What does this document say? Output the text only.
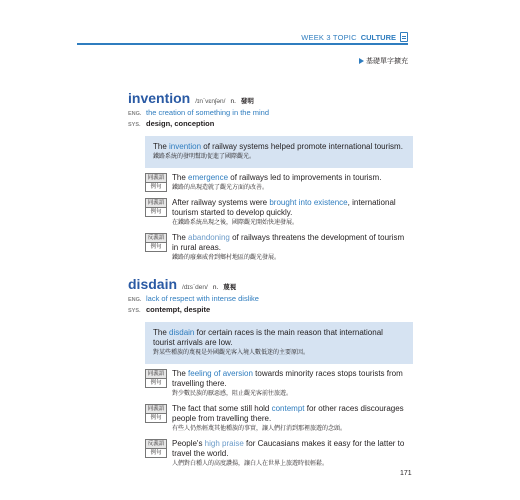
WEEK 3 TOPIC CULTURE
基礎單字擴充
invention /ɪn`vɛnʃən/ n. 發明
ENG. the creation of something in the mind
SYS. design, conception
The invention of railway systems helped promote international tourism.
鐵路系統的發明幫助促進了國際觀光。
同義語
例句
The emergence of railways led to improvements in tourism.
鐵路的出現造就了觀光方面的改善。
同義語
例句
After railway systems were brought into existence, international tourism started to develop quickly.
在鐵路系統出現之後，國際觀光開始快速發展。
反義語
例句
The abandoning of railways threatens the development of tourism in rural areas.
鐵路的廢棄威脅到鄉村地區的觀光發展。
disdain /dɪs`den/ n. 蔑視
ENG. lack of respect with intense dislike
SYS. contempt, despite
The disdain for certain races is the main reason that international tourist arrivals are low.
對某些種族的蔑視是外國觀光客入境人數低迷的主要原因。
同義語
例句
The feeling of aversion towards minority races stops tourists from travelling there.
對少數民族的厭惡感，阻止觀光客前往旅遊。
同義語
例句
The fact that some still hold contempt for other races discourages people from travelling there.
有些人仍然輕蔑其他種族的事實，讓人們打消到那裡旅遊的念頭。
反義語
例句
People's high praise for Caucasians makes it easy for the latter to travel the world.
人們對白種人的高度讚揚，讓白人在世界上旅遊時很輕鬆。
171
